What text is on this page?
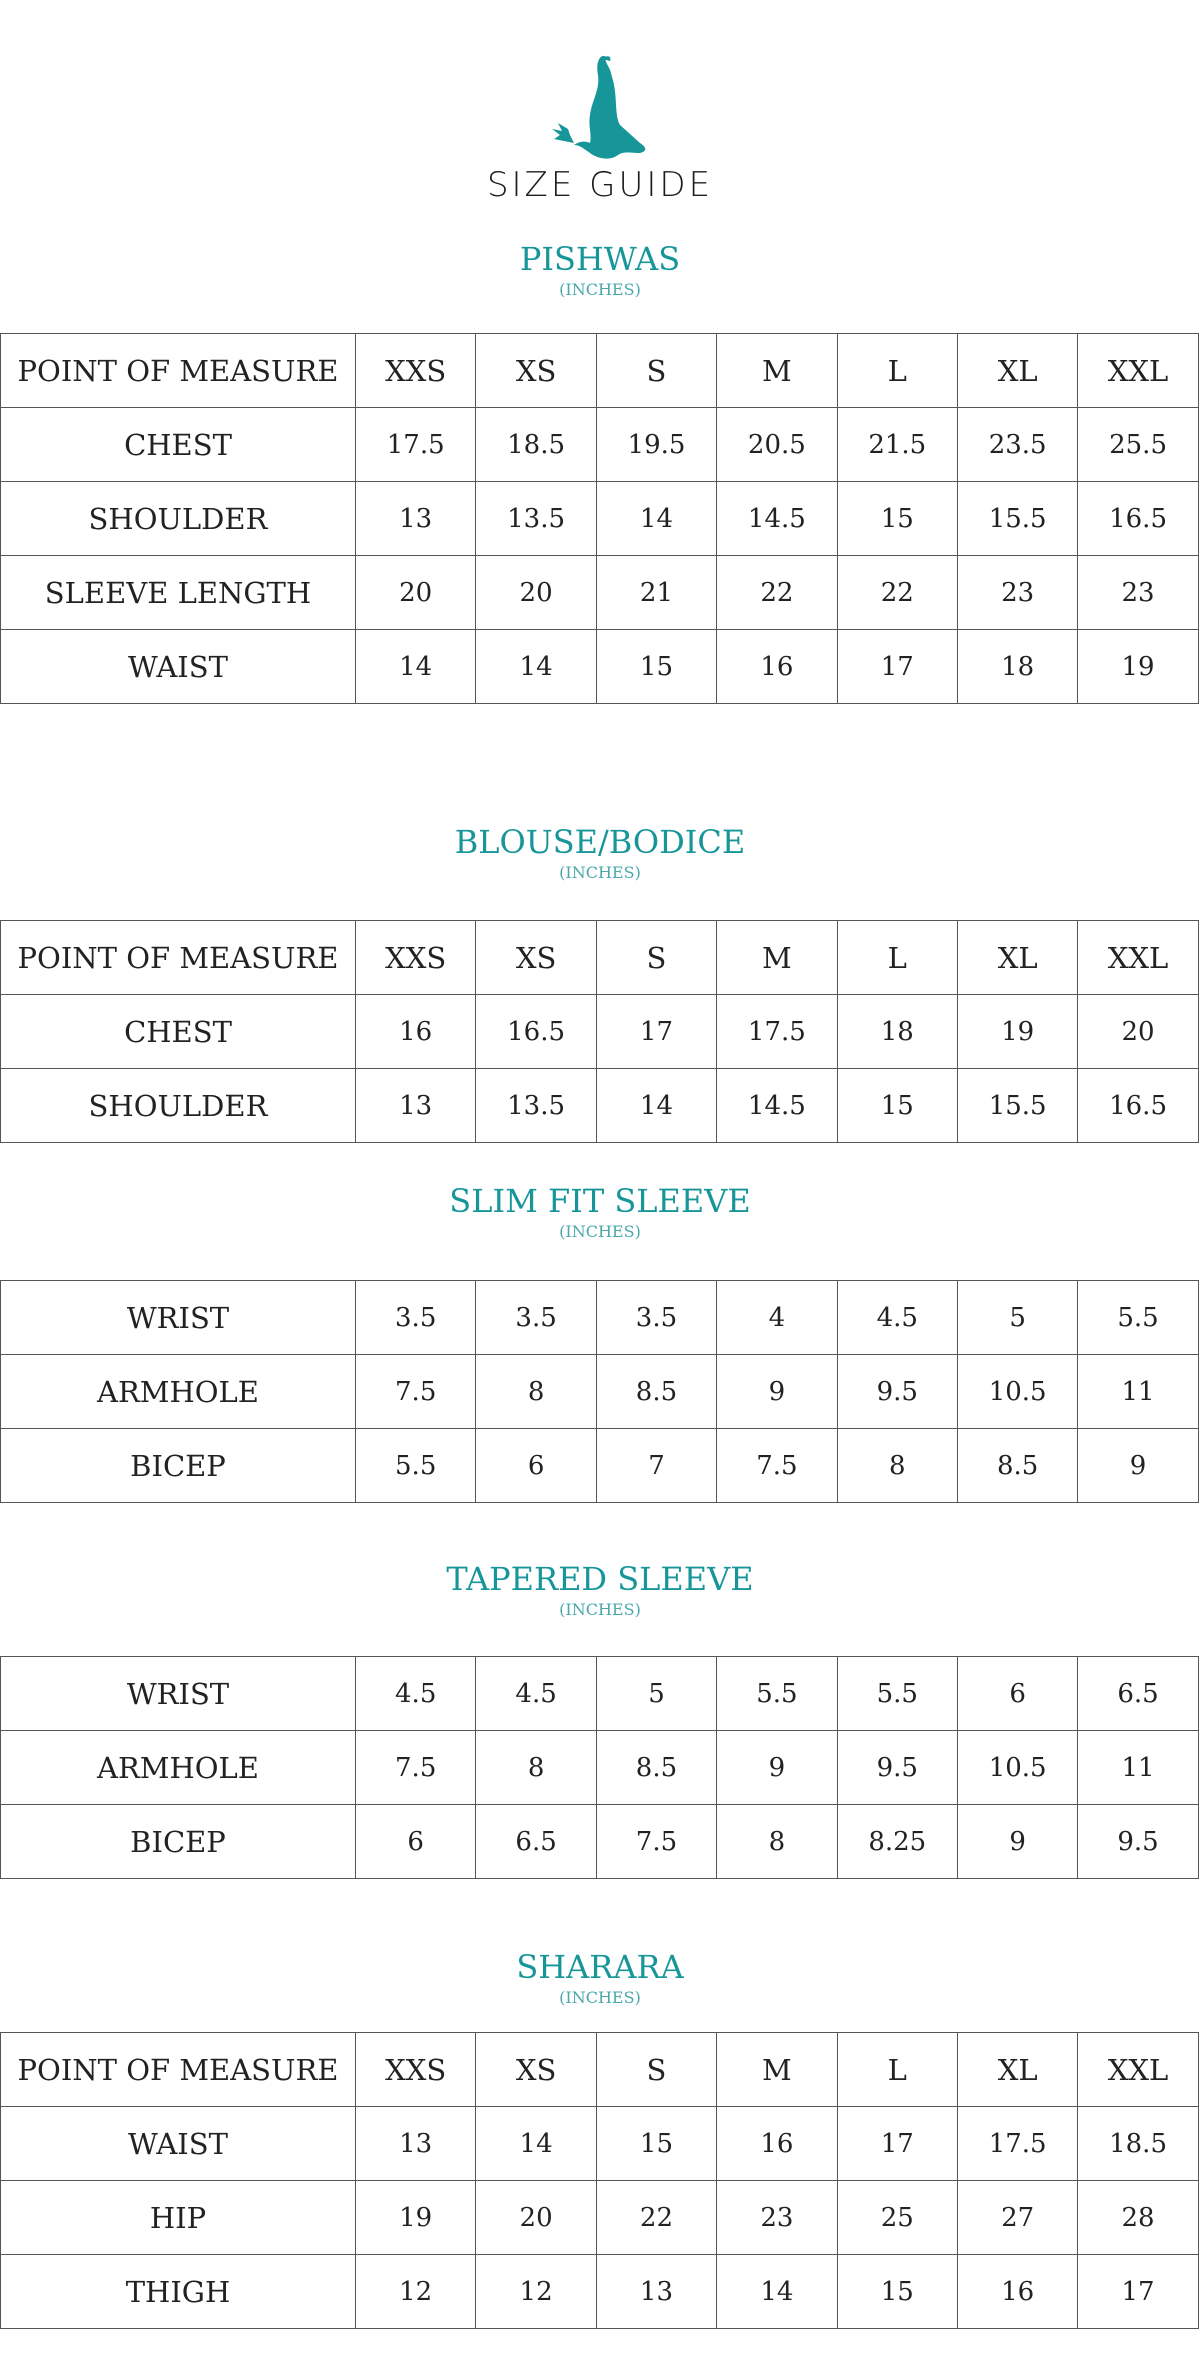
SIZE GUIDE
PISHWAS
(INCHES)
POINT OF MEASURE	XXS	XS	S	M	L	XL	XXL
CHEST	17.5	18.5	19.5	20.5	21.5	23.5	25.5
SHOULDER	13	13.5	14	14.5	15	15.5	16.5
SLEEVE LENGTH	20	20	21	22	22	23	23
WAIST	14	14	15	16	17	18	19
BLOUSE/BODICE
(INCHES)
POINT OF MEASURE	XXS	XS	S	M	L	XL	XXL
CHEST	16	16.5	17	17.5	18	19	20
SHOULDER	13	13.5	14	14.5	15	15.5	16.5
SLIM FIT SLEEVE
(INCHES)
WRIST	3.5	3.5	3.5	4	4.5	5	5.5
ARMHOLE	7.5	8	8.5	9	9.5	10.5	11
BICEP	5.5	6	7	7.5	8	8.5	9
TAPERED SLEEVE
(INCHES)
WRIST	4.5	4.5	5	5.5	5.5	6	6.5
ARMHOLE	7.5	8	8.5	9	9.5	10.5	11
BICEP	6	6.5	7.5	8	8.25	9	9.5
SHARARA
(INCHES)
POINT OF MEASURE	XXS	XS	S	M	L	XL	XXL
WAIST	13	14	15	16	17	17.5	18.5
HIP	19	20	22	23	25	27	28
THIGH	12	12	13	14	15	16	17
